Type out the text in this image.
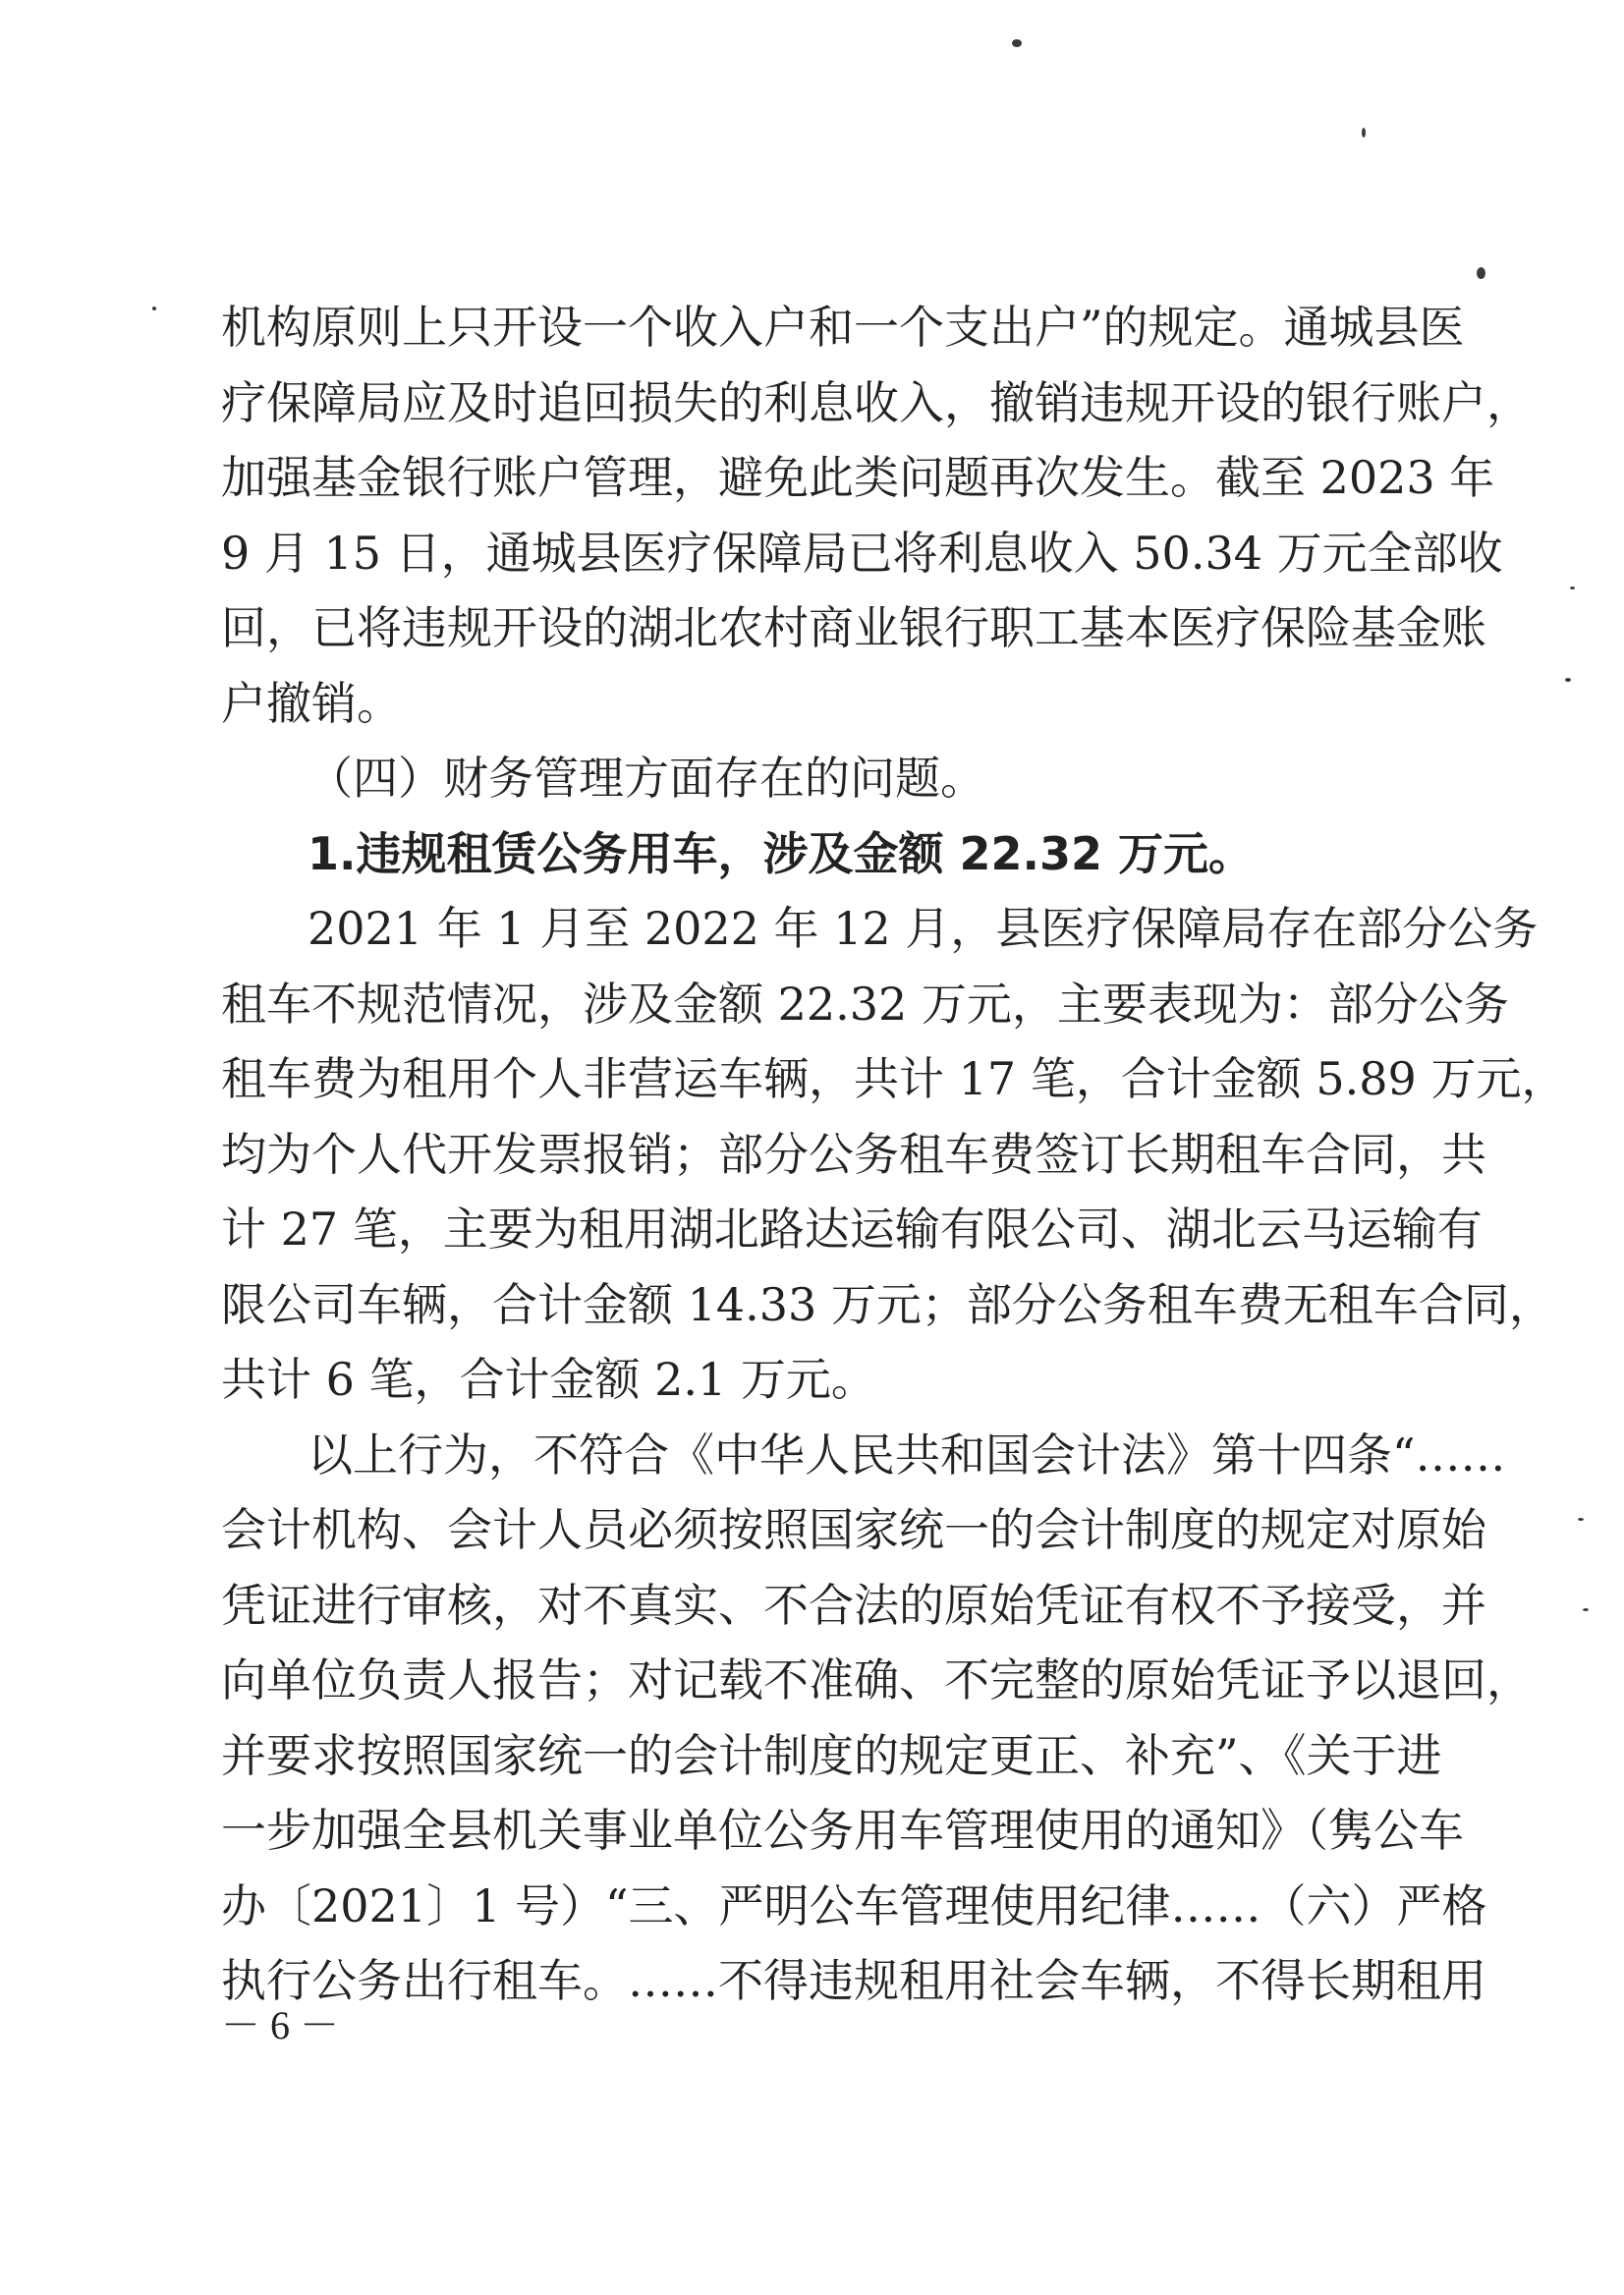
机构原则上只开设一个收入户和一个支出户”的规定。通城县医
疗保障局应及时追回损失的利息收入，撤销违规开设的银行账户，
加强基金银行账户管理，避免此类问题再次发生。截至 2023 年
9 月 15 日，通城县医疗保障局已将利息收入 50.34 万元全部收
回，已将违规开设的湖北农村商业银行职工基本医疗保险基金账
户撤销。
（四）财务管理方面存在的问题。
1.违规租赁公务用车，涉及金额 22.32 万元。
2021 年 1 月至 2022 年 12 月，县医疗保障局存在部分公务
租车不规范情况，涉及金额 22.32 万元，主要表现为：部分公务
租车费为租用个人非营运车辆，共计 17 笔，合计金额 5.89 万元，
均为个人代开发票报销；部分公务租车费签订长期租车合同，共
计 27 笔，主要为租用湖北路达运输有限公司、湖北云马运输有
限公司车辆，合计金额 14.33 万元；部分公务租车费无租车合同，
共计 6 笔，合计金额 2.1 万元。
以上行为，不符合《中华人民共和国会计法》第十四条“……
会计机构、会计人员必须按照国家统一的会计制度的规定对原始
凭证进行审核，对不真实、不合法的原始凭证有权不予接受，并
向单位负责人报告；对记载不准确、不完整的原始凭证予以退回，
并要求按照国家统一的会计制度的规定更正、补充”、《关于进
一步加强全县机关事业单位公务用车管理使用的通知》（隽公车
办〔2021〕1 号）“三、严明公车管理使用纪律……（六）严格
执行公务出行租车。……不得违规租用社会车辆，不得长期租用
－ 6 －
